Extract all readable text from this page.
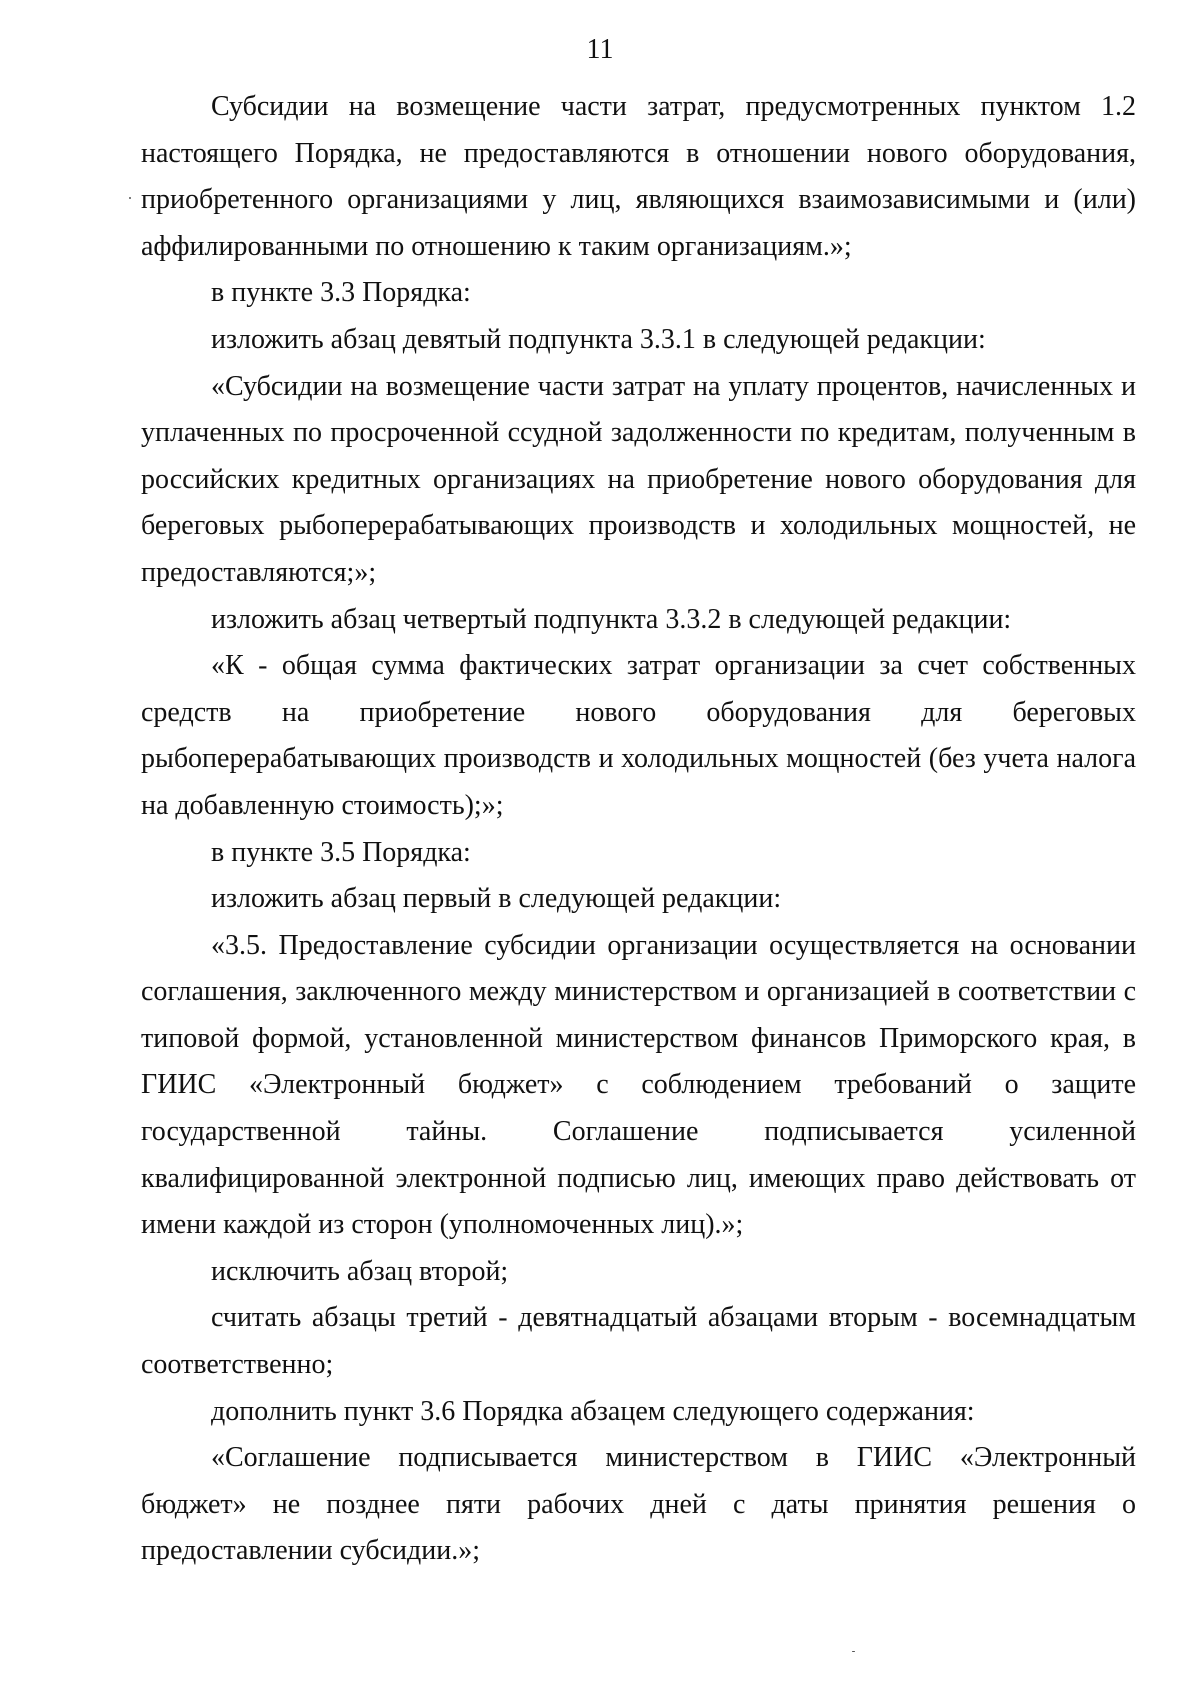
11

Субсидии на возмещение части затрат, предусмотренных пунктом 1.2 настоящего Порядка, не предоставляются в отношении нового оборудования, приобретенного организациями у лиц, являющихся взаимозависимыми и (или) аффилированными по отношению к таким организациям.»;

в пункте 3.3 Порядка:

изложить абзац девятый подпункта 3.3.1 в следующей редакции:

«Субсидии на возмещение части затрат на уплату процентов, начисленных и уплаченных по просроченной ссудной задолженности по кредитам, полученным в российских кредитных организациях на приобретение нового оборудования для береговых рыбоперерабатывающих производств и холодильных мощностей, не предоставляются;»;

изложить абзац четвертый подпункта 3.3.2 в следующей редакции:

«К - общая сумма фактических затрат организации за счет собственных средств на приобретение нового оборудования для береговых рыбоперерабатывающих производств и холодильных мощностей (без учета налога на добавленную стоимость);»;

в пункте 3.5 Порядка:

изложить абзац первый в следующей редакции:

«3.5. Предоставление субсидии организации осуществляется на основании соглашения, заключенного между министерством и организацией в соответствии с типовой формой, установленной министерством финансов Приморского края, в ГИИС «Электронный бюджет» с соблюдением требований о защите государственной тайны. Соглашение подписывается усиленной квалифицированной электронной подписью лиц, имеющих право действовать от имени каждой из сторон (уполномоченных лиц).»;

исключить абзац второй;

считать абзацы третий - девятнадцатый абзацами вторым - восемнадцатым соответственно;

дополнить пункт 3.6 Порядка абзацем следующего содержания:

«Соглашение подписывается министерством в ГИИС «Электронный бюджет» не позднее пяти рабочих дней с даты принятия решения о предоставлении субсидии.»;
